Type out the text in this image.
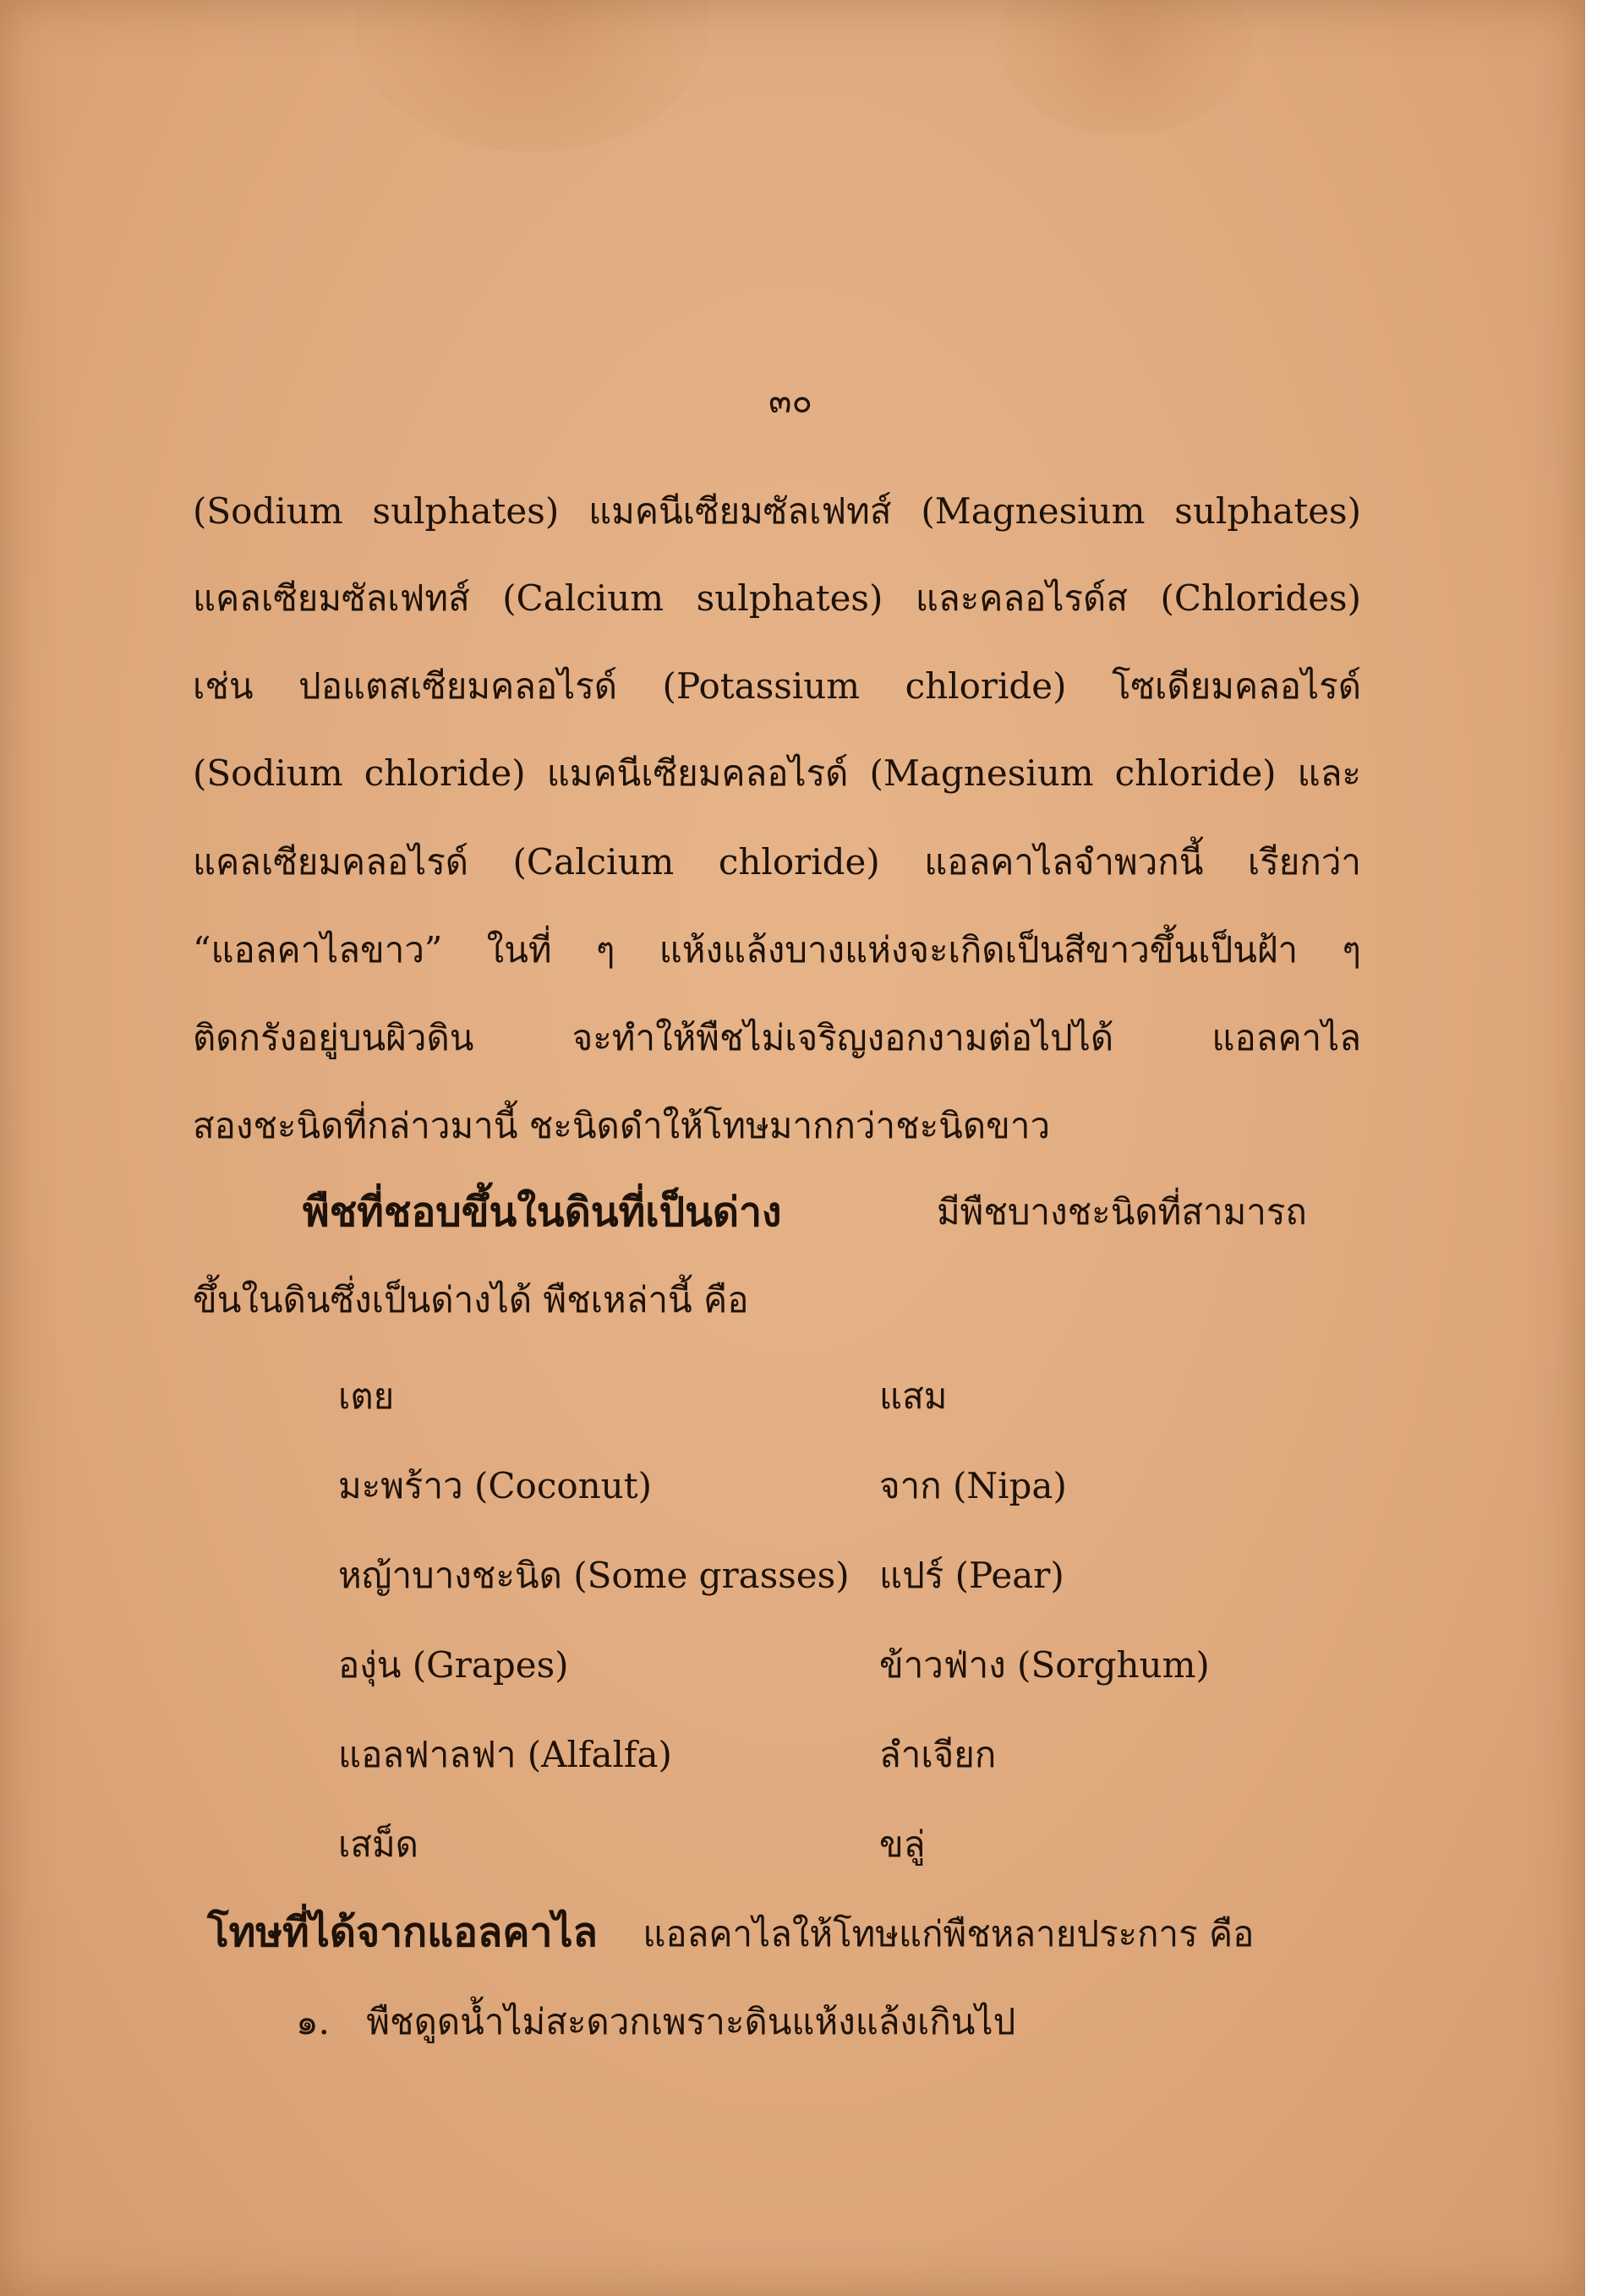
๓๐
(Sodium sulphates) แมคนีเซียมซัลเฟทส์ (Magnesium sulphates)
แคลเซียมซัลเฟทส์ (Calcium sulphates) และคลอไรด์ส (Chlorides)
เช่น ปอแตสเซียมคลอไรด์ (Potassium chloride) โซเดียมคลอไรด์
(Sodium chloride) แมคนีเซียมคลอไรด์ (Magnesium chloride) และ
แคลเซียมคลอไรด์ (Calcium chloride) แอลคาไลจำพวกนี้ เรียกว่า
“แอลคาไลขาว” ในที่ ๆ แห้งแล้งบางแห่งจะเกิดเป็นสีขาวขึ้นเป็นฝ้า ๆ
ติดกรังอยู่บนผิวดิน จะทำให้พืชไม่เจริญงอกงามต่อไปได้ แอลคาไล
สองชะนิดที่กล่าวมานี้ ชะนิดดำให้โทษมากกว่าชะนิดขาว
พืชที่ชอบขึ้นในดินที่เป็นด่าง	มีพืชบางชะนิดที่สามารถ
ขึ้นในดินซึ่งเป็นด่างได้ พืชเหล่านี้ คือ
เตย	แสม
มะพร้าว (Coconut)	จาก (Nipa)
หญ้าบางชะนิด (Some grasses) แปร์ (Pear)
องุ่น (Grapes)	ข้าวฟ่าง (Sorghum)
แอลฟาลฟา (Alfalfa)	ลำเจียก
เสม็ด	ขลู่
โทษที่ได้จากแอลคาไล แอลคาไลให้โทษแก่พืชหลายประการ คือ
๑. พืชดูดน้ำไม่สะดวกเพราะดินแห้งแล้งเกินไป
